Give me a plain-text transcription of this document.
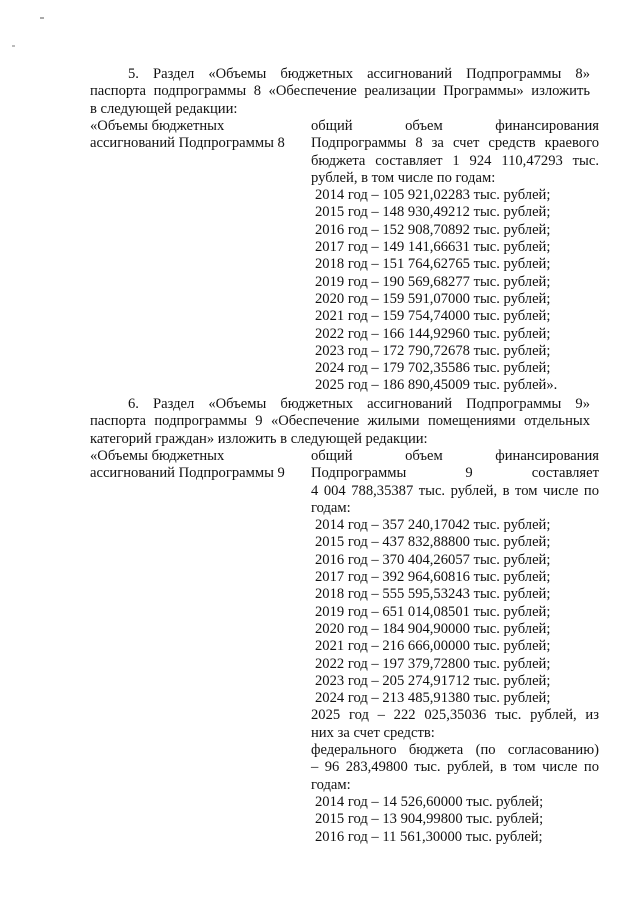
5. Раздел «Объемы бюджетных ассигнований Подпрограммы 8»
паспорта подпрограммы 8 «Обеспечение реализации Программы» изложить
в следующей редакции:
«Объемы бюджетных
ассигнований Подпрограммы 8
общий объем финансирования
Подпрограммы 8 за счет средств краевого
бюджета составляет 1 924 110,47293 тыс.
рублей, в том числе по годам:
2014 год – 105 921,02283 тыс. рублей;
2015 год – 148 930,49212 тыс. рублей;
2016 год – 152 908,70892 тыс. рублей;
2017 год – 149 141,66631 тыс. рублей;
2018 год – 151 764,62765 тыс. рублей;
2019 год – 190 569,68277 тыс. рублей;
2020 год – 159 591,07000 тыс. рублей;
2021 год – 159 754,74000 тыс. рублей;
2022 год – 166 144,92960 тыс. рублей;
2023 год – 172 790,72678 тыс. рублей;
2024 год – 179 702,35586 тыс. рублей;
2025 год – 186 890,45009 тыс. рублей».
6. Раздел «Объемы бюджетных ассигнований Подпрограммы 9»
паспорта подпрограммы 9 «Обеспечение жилыми помещениями отдельных
категорий граждан» изложить в следующей редакции:
«Объемы бюджетных
ассигнований Подпрограммы 9
общий объем финансирования
Подпрограммы 9 составляет
4 004 788,35387 тыс. рублей, в том числе по
годам:
2014 год – 357 240,17042 тыс. рублей;
2015 год – 437 832,88800 тыс. рублей;
2016 год – 370 404,26057 тыс. рублей;
2017 год – 392 964,60816 тыс. рублей;
2018 год – 555 595,53243 тыс. рублей;
2019 год – 651 014,08501 тыс. рублей;
2020 год – 184 904,90000 тыс. рублей;
2021 год – 216 666,00000 тыс. рублей;
2022 год – 197 379,72800 тыс. рублей;
2023 год – 205 274,91712 тыс. рублей;
2024 год – 213 485,91380 тыс. рублей;
2025 год – 222 025,35036 тыс. рублей, из
них за счет средств:
федерального бюджета (по согласованию)
– 96 283,49800 тыс. рублей, в том числе по
годам:
2014 год – 14 526,60000 тыс. рублей;
2015 год – 13 904,99800 тыс. рублей;
2016 год – 11 561,30000 тыс. рублей;
